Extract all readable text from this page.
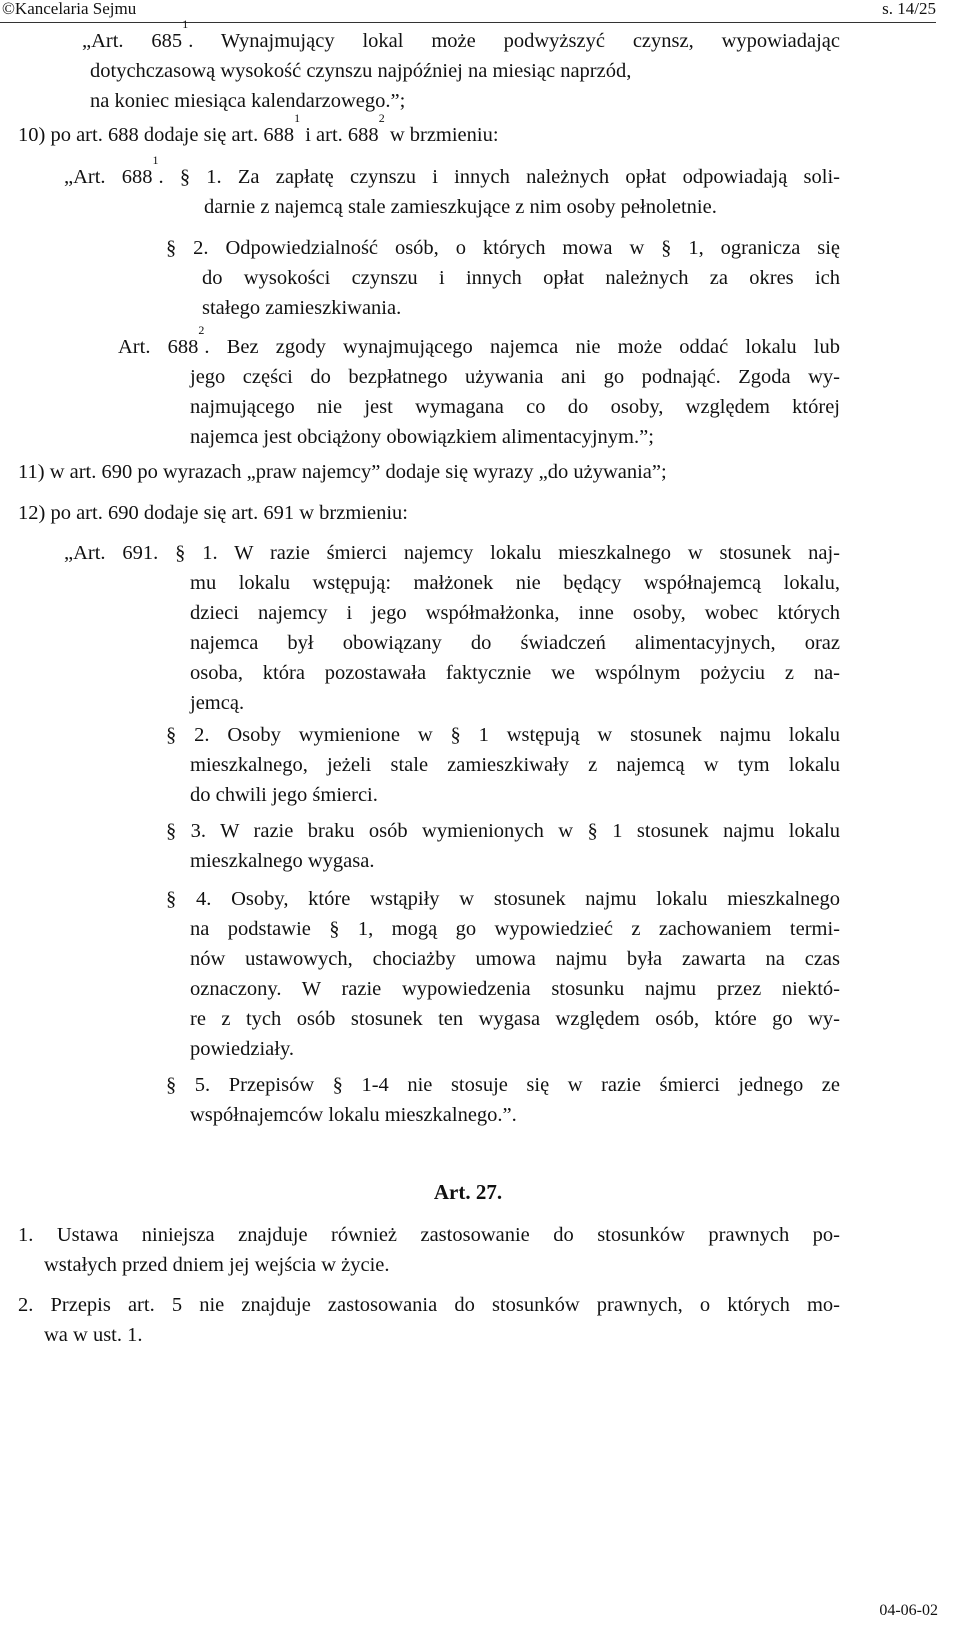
©Kancelaria Sejmu	s. 14/25
„Art. $685^1$. Wynajmujący lokal może podwyższyć czynsz, wypowiadając
dotychczasową wysokość czynszu najpóźniej na miesiąc naprzód,
na koniec miesiąca kalendarzowego.”;
10) po art. 688 dodaje się art. $688^1$ i art. $688^2$ w brzmieniu:
„Art. $688^1$. § 1. Za zapłatę czynszu i innych należnych opłat odpowiadają soli-
darnie z najemcą stale zamieszkujące z nim osoby pełnoletnie.
§ 2. Odpowiedzialność osób, o których mowa w § 1, ogranicza się
do wysokości czynszu i innych opłat należnych za okres ich
stałego zamieszkiwania.
Art. $688^2$. Bez zgody wynajmującego najemca nie może oddać lokalu lub
jego części do bezpłatnego używania ani go podnająć. Zgoda wy-
najmującego nie jest wymagana co do osoby, względem której
najemca jest obciążony obowiązkiem alimentacyjnym.”;
11) w art. 690 po wyrazach „praw najemcy” dodaje się wyrazy „do używania”;
12) po art. 690 dodaje się art. 691 w brzmieniu:
„Art. 691. § 1. W razie śmierci najemcy lokalu mieszkalnego w stosunek naj-
mu lokalu wstępują: małżonek nie będący współnajemcą lokalu,
dzieci najemcy i jego współmałżonka, inne osoby, wobec których
najemca był obowiązany do świadczeń alimentacyjnych, oraz
osoba, która pozostawała faktycznie we wspólnym pożyciu z na-
jemcą.
§ 2. Osoby wymienione w § 1 wstępują w stosunek najmu lokalu
mieszkalnego, jeżeli stale zamieszkiwały z najemcą w tym lokalu
do chwili jego śmierci.
§ 3. W razie braku osób wymienionych w § 1 stosunek najmu lokalu
mieszkalnego wygasa.
§ 4. Osoby, które wstąpiły w stosunek najmu lokalu mieszkalnego
na podstawie § 1, mogą go wypowiedzieć z zachowaniem termi-
nów ustawowych, chociażby umowa najmu była zawarta na czas
oznaczony. W razie wypowiedzenia stosunku najmu przez niektó-
re z tych osób stosunek ten wygasa względem osób, które go wy-
powiedziały.
§ 5. Przepisów § 1-4 nie stosuje się w razie śmierci jednego ze
współnajemców lokalu mieszkalnego.”.
Art. 27.
1. Ustawa niniejsza znajduje również zastosowanie do stosunków prawnych po-
wstałych przed dniem jej wejścia w życie.
2. Przepis art. 5 nie znajduje zastosowania do stosunków prawnych, o których mo-
wa w ust. 1.
04-06-02
